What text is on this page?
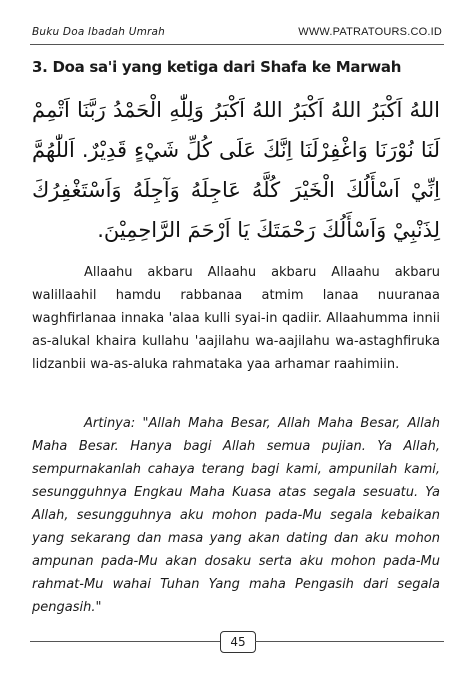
Buku Doa Ibadah Umrah	WWW.PATRATOURS.CO.ID
3. Doa sa'i yang ketiga dari Shafa ke Marwah
اللهُ اَكْبَرُ اللهُ اَكْبَرُ اللهُ اَكْبَرُ وَلِلّٰهِ الْحَمْدُ رَبَّنَا اَتْمِمْ لَنَا نُوْرَنَا وَاغْفِرْلَنَا اِنَّكَ عَلَى كُلِّ شَيْءٍ قَدِيْرٌ. اَللّٰهُمَّ اِنِّيْ اَسْأَلُكَ الْخَيْرَ كُلَّهُ عَاجِلَهُ وَآجِلَهُ وَاَسْتَغْفِرُكَ لِذَنْبِيْ وَاَسْأَلُكَ رَحْمَتَكَ يَا اَرْحَمَ الرَّاحِمِيْنَ.

Allaahu akbaru Allaahu akbaru Allaahu akbaru walillaahil hamdu rabbanaa atmim lanaa nuuranaa waghfirlanaa innaka 'alaa kulli syai-in qadiir. Allaahumma innii as-alukal khaira kullahu 'aajilahu wa-aajilahu wa-astaghfiruka lidzanbii wa-as-aluka rahmataka yaa arhamar raahimiin.

Artinya: "Allah Maha Besar, Allah Maha Besar, Allah Maha Besar. Hanya bagi Allah semua pujian. Ya Allah, sempurnakanlah cahaya terang bagi kami, ampunilah kami, sesungguhnya Engkau Maha Kuasa atas segala sesuatu. Ya Allah, sesungguhnya aku mohon pada-Mu segala kebaikan yang sekarang dan masa yang akan dating dan aku mohon ampunan pada-Mu akan dosaku serta aku mohon pada-Mu rahmat-Mu wahai Tuhan Yang maha Pengasih dari segala pengasih."

45
